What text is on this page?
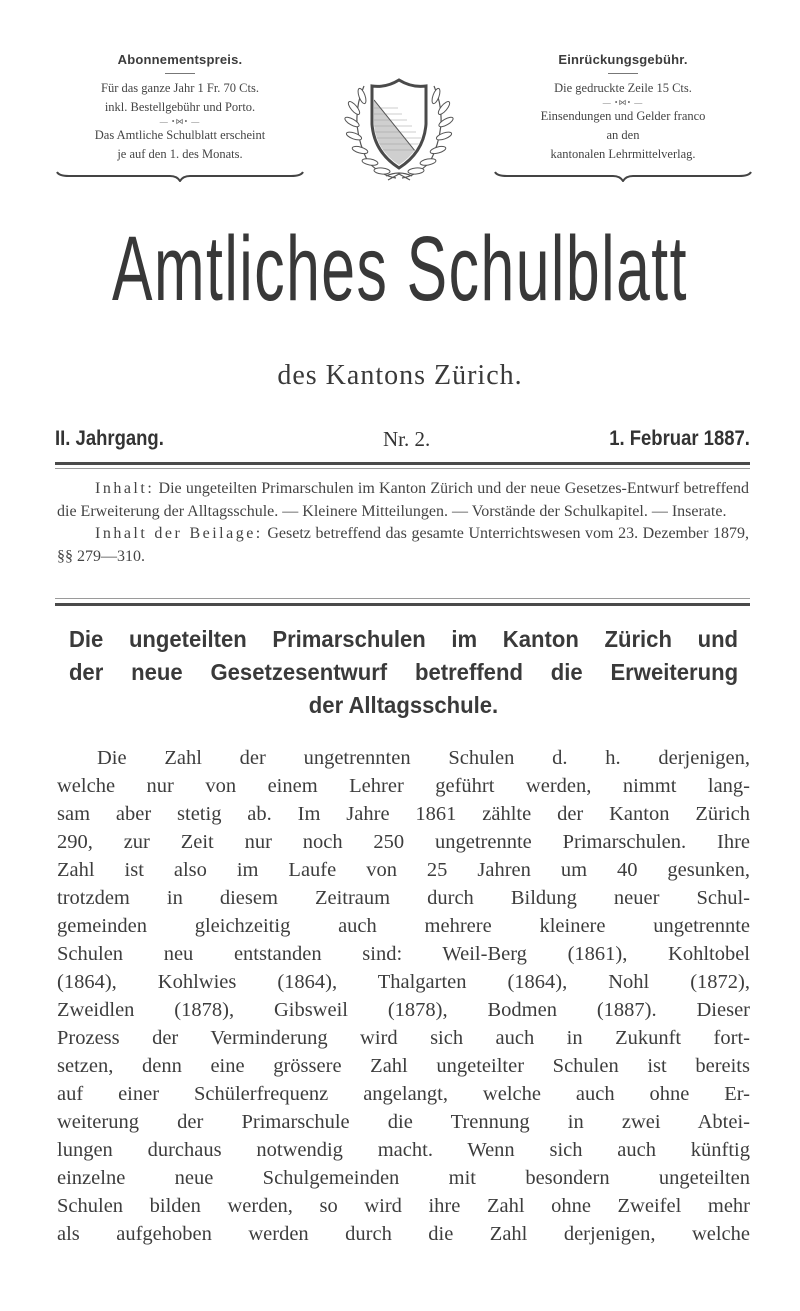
Abonnementspreis.
Für das ganze Jahr 1 Fr. 70 Cts.
inkl. Bestellgebühr und Porto.
— •⋈• —
Das Amtliche Schulblatt erscheint
je auf den 1. des Monats.
Einrückungsgebühr.
Die gedruckte Zeile 15 Cts.
— •⋈• —
Einsendungen und Gelder franco
an den
kantonalen Lehrmittelverlag.
Amtliches Schulblatt
des Kantons Zürich.
II. Jahrgang.	Nr. 2.	1. Februar 1887.

Inhalt: Die ungeteilten Primarschulen im Kanton Zürich und der neue Gesetzes-Entwurf betreffend die Erweiterung der Alltagsschule. — Kleinere Mitteilungen. — Vorstände der Schulkapitel. — Inserate.

Inhalt der Beilage: Gesetz betreffend das gesamte Unterrichtswesen vom 23. Dezember 1879, §§ 279—310.

Die ungeteilten Primarschulen im Kanton Zürich und
der neue Gesetzesentwurf betreffend die Erweiterung
der Alltagsschule.
Die Zahl der ungetrennten Schulen d. h. derjenigen,
welche nur von einem Lehrer geführt werden, nimmt lang-
sam aber stetig ab. Im Jahre 1861 zählte der Kanton Zürich
290, zur Zeit nur noch 250 ungetrennte Primarschulen. Ihre
Zahl ist also im Laufe von 25 Jahren um 40 gesunken,
trotzdem in diesem Zeitraum durch Bildung neuer Schul-
gemeinden gleichzeitig auch mehrere kleinere ungetrennte
Schulen neu entstanden sind: Weil-Berg (1861), Kohltobel
(1864), Kohlwies (1864), Thalgarten (1864), Nohl (1872),
Zweidlen (1878), Gibsweil (1878), Bodmen (1887). Dieser
Prozess der Verminderung wird sich auch in Zukunft fort-
setzen, denn eine grössere Zahl ungeteilter Schulen ist bereits
auf einer Schülerfrequenz angelangt, welche auch ohne Er-
weiterung der Primarschule die Trennung in zwei Abtei-
lungen durchaus notwendig macht. Wenn sich auch künftig
einzelne neue Schulgemeinden mit besondern ungeteilten
Schulen bilden werden, so wird ihre Zahl ohne Zweifel mehr
als aufgehoben werden durch die Zahl derjenigen, welche
